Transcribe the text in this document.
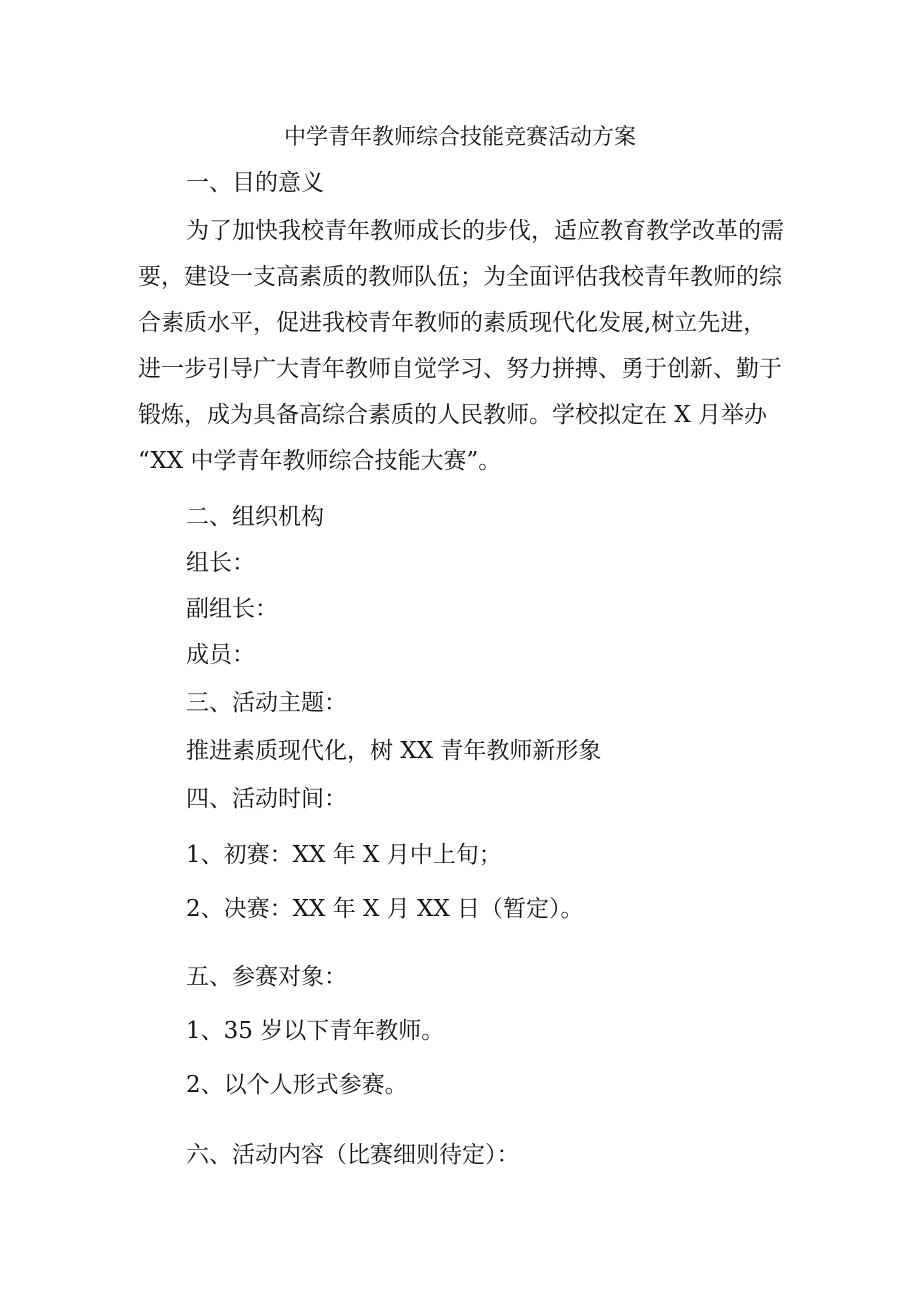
中学青年教师综合技能竞赛活动方案
一、目的意义
为了加快我校青年教师成长的步伐，适应教育教学改革的需
要，建设一支高素质的教师队伍；为全面评估我校青年教师的综
合素质水平，促进我校青年教师的素质现代化发展,树立先进，
进一步引导广大青年教师自觉学习、努力拼搏、勇于创新、勤于
锻炼，成为具备高综合素质的人民教师。学校拟定在 X 月举办
“XX 中学青年教师综合技能大赛”。
二、组织机构
组长：
副组长：
成员：
三、活动主题：
推进素质现代化，树 XX 青年教师新形象
四、活动时间：
1、初赛：XX 年 X 月中上旬；
2、决赛：XX 年 X 月 XX 日（暂定）。
五、参赛对象：
1、35 岁以下青年教师。
2、以个人形式参赛。
六、活动内容（比赛细则待定）：
